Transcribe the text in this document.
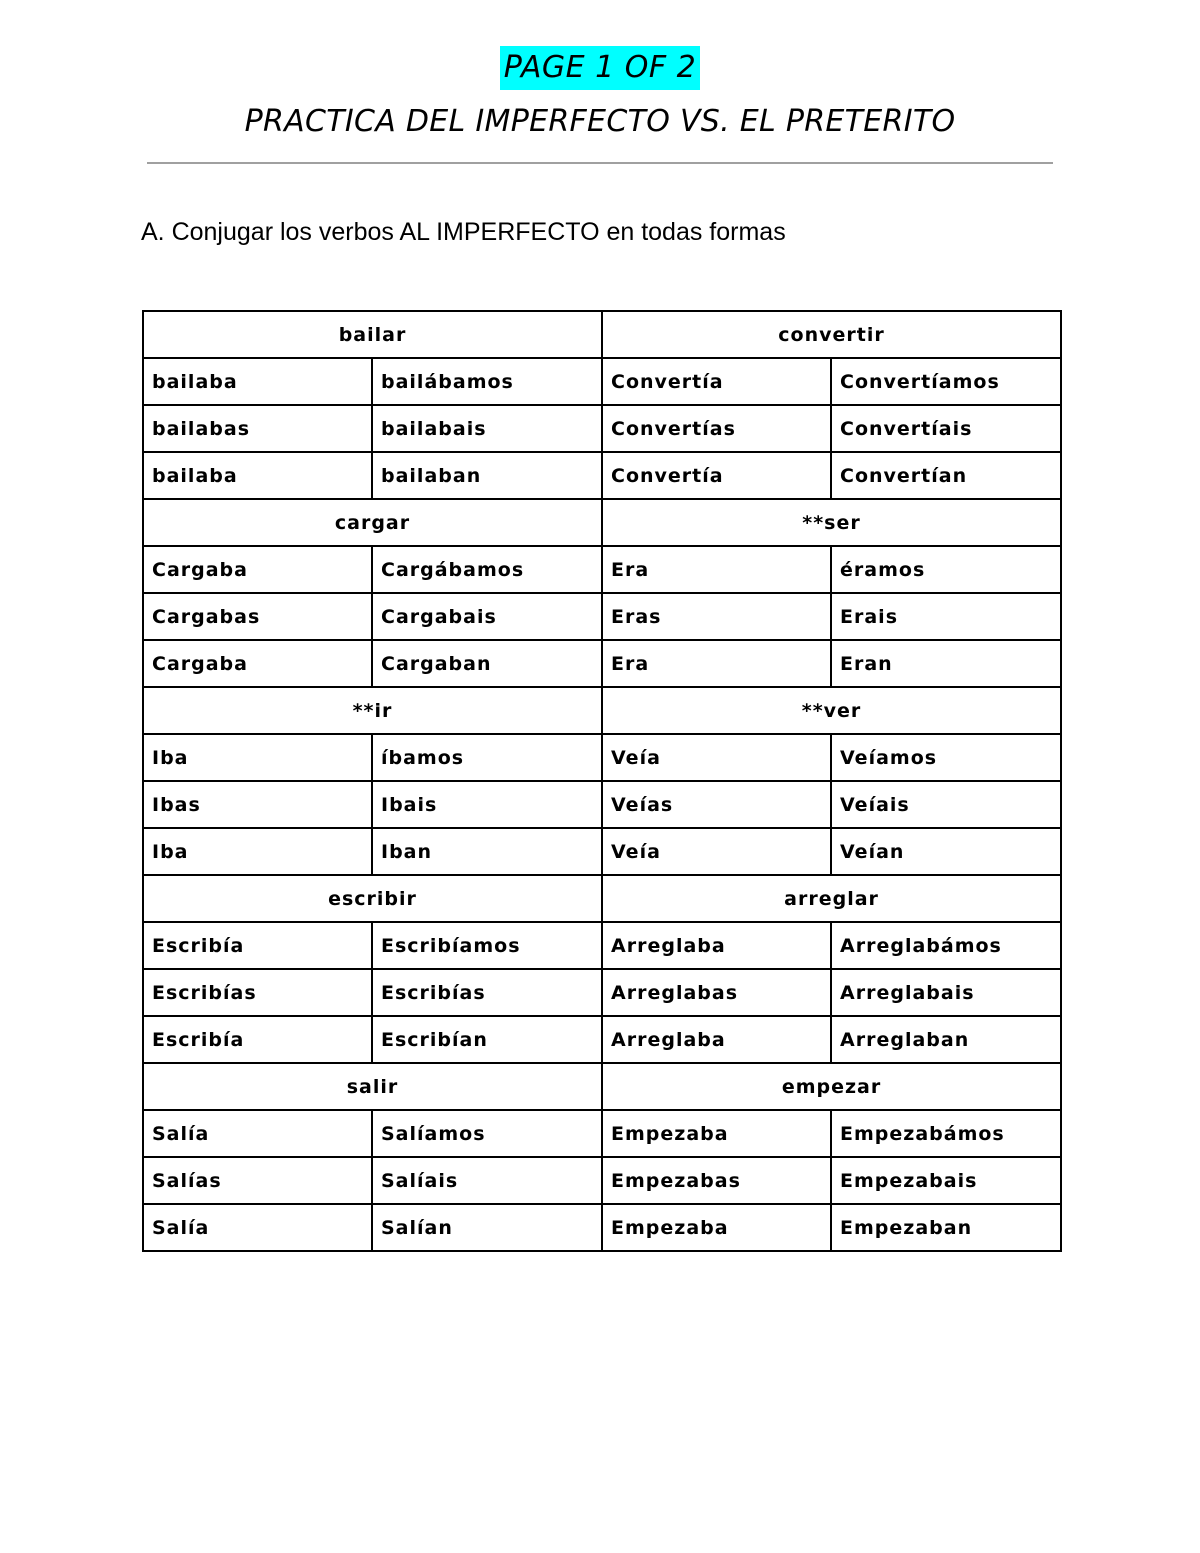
PAGE 1 OF 2
PRACTICA DEL IMPERFECTO VS. EL PRETERITO
A. Conjugar los verbos AL IMPERFECTO en todas formas
bailar		convertir	
bailaba	bailábamos	Convertía	Convertíamos
bailabas	bailabais	Convertías	Convertíais
bailaba	bailaban	Convertía	Convertían
cargar		**ser	
Cargaba	Cargábamos	Era	éramos
Cargabas	Cargabais	Eras	Erais
Cargaba	Cargaban	Era	Eran
**ir		**ver	
Iba	íbamos	Veía	Veíamos
Ibas	Ibais	Veías	Veíais
Iba	Iban	Veía	Veían
escribir		arreglar	
Escribía	Escribíamos	Arreglaba	Arreglabámos
Escribías	Escribías	Arreglabas	Arreglabais
Escribía	Escribían	Arreglaba	Arreglaban
salir		empezar	
Salía	Salíamos	Empezaba	Empezabámos
Salías	Salíais	Empezabas	Empezabais
Salía	Salían	Empezaba	Empezaban
